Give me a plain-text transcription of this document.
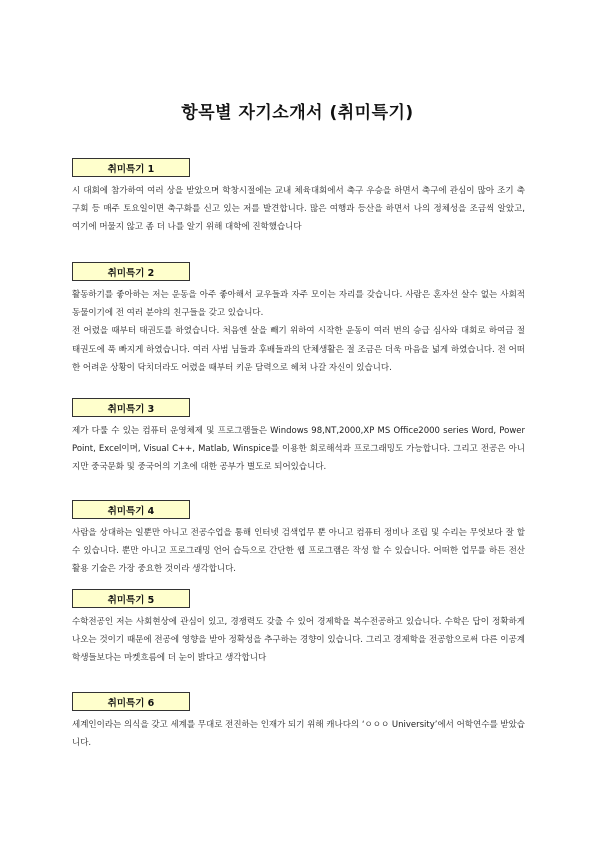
항목별 자기소개서 (취미특기)
취미특기 1
시 대회에 참가하여 여러 상을 받았으며 학창시절에는 교내 체육대회에서 축구 우승을 하면서 축구에 관심이 많아 조기 축구회 등 매주 토요일이면 축구화를 신고 있는 저를 발견합니다. 많은 여행과 등산을 하면서 나의 정체성을 조금씩 알았고, 여기에 머물지 않고 좀 더 나를 알기 위해 대학에 진학했습니다
취미특기 2
활동하기를 좋아하는 저는 운동을 아주 좋아해서 교우들과 자주 모이는 자리를 갖습니다. 사람은 혼자선 살수 없는 사회적 동물이기에 전 여러 분야의 친구들을 갖고 있습니다.
전 어렸을 때부터 태권도를 하였습니다. 처음엔 살을 빼기 위하여 시작한 운동이 여러 번의 승급 심사와 대회로 하여금 절 태권도에 푹 빠지게 하였습니다. 여러 사범 님들과 후배들과의 단체생활은 절 조금은 더욱 마음을 넓게 하였습니다. 전 어떠한 어려운 상황이 닥치더라도 어렸을 때부터 키운 담력으로 헤쳐 나갈 자신이 있습니다.
취미특기 3
제가 다룰 수 있는 컴퓨터 운영체제 및 프로그램들은 Windows 98,NT,2000,XP MS Office2000 series Word, Power Point, Excel이며, Visual C++, Matlab, Winspice를 이용한 회로해석과 프로그래밍도 가능합니다. 그리고 전공은 아니지만 중국문화 및 중국어의 기초에 대한 공부가 별도로 되어있습니다.
취미특기 4
사람을 상대하는 일뿐만 아니고 전공수업을 통해 인터넷 검색업무 뿐 아니고 컴퓨터 정비나 조립 및 수리는 무엇보다 잘 할 수 있습니다. 뿐만 아니고 프로그래밍 언어 습득으로 간단한 웹 프로그램은 작성 할 수 있습니다. 어떠한 업무를 하든 전산 활용 기술은 가장 중요한 것이라 생각합니다.
취미특기 5
수학전공인 저는 사회현상에 관심이 있고, 경쟁력도 갖출 수 있어 경제학을 복수전공하고 있습니다. 수학은 답이 정확하게 나오는 것이기 때문에 전공에 영향을 받아 정확성을 추구하는 경향이 있습니다. 그리고 경제학을 전공함으로써 다른 이공계 학생들보다는 마켓흐름에 더 눈이 밝다고 생각합니다
취미특기 6
세계인이라는 의식을 갖고 세계를 무대로 전진하는 인재가 되기 위해 캐나다의 ‘ㅇㅇㅇ University’에서 어학연수를 받았습니다.
